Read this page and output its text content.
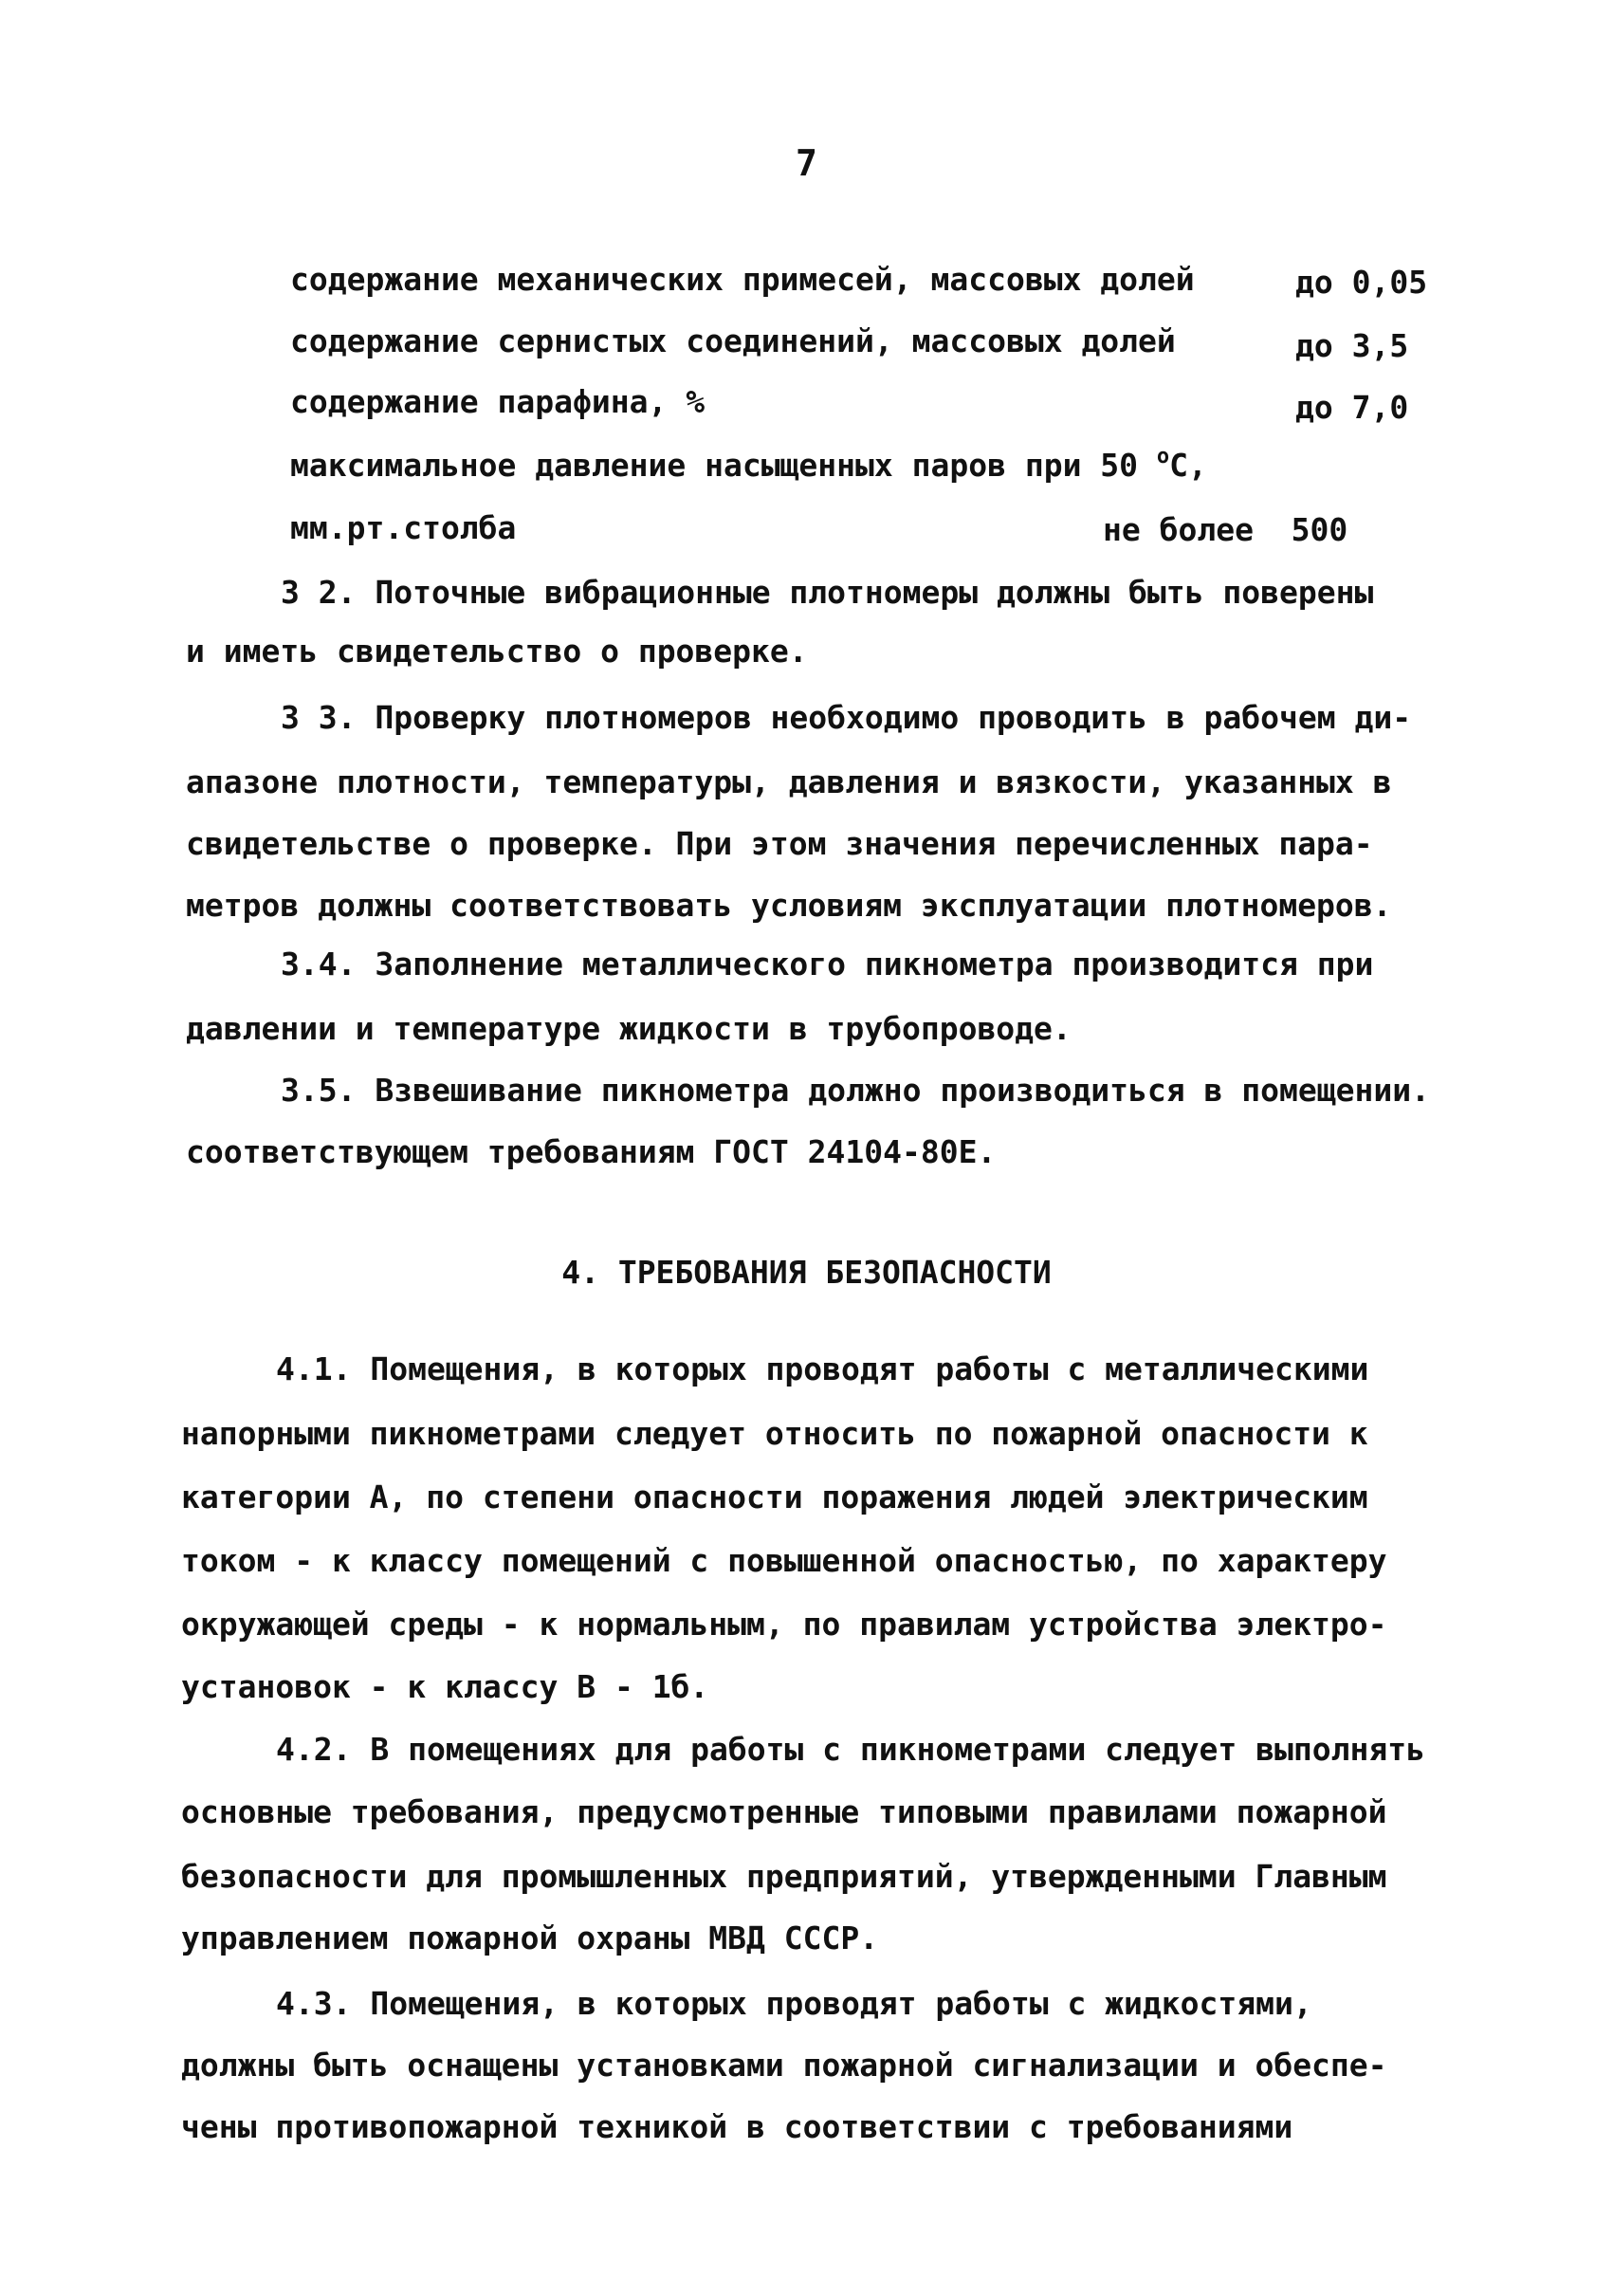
7
содержание механических примесей, массовых долей	до 0,05
содержание сернистых соединений, массовых долей	до 3,5
содержание парафина, %	до 7,0
максимальное давление насыщенных паров при 50 $^о$С,
мм.рт.столба	не более  500
3 2. Поточные вибрационные плотномеры должны быть поверены
и иметь свидетельство о проверке.
3 3. Проверку плотномеров необходимо проводить в рабочем ди-
апазоне плотности, температуры, давления и вязкости, указанных в
свидетельстве о проверке. При этом значения перечисленных пара-
метров должны соответствовать условиям эксплуатации плотномеров.
3.4. Заполнение металлического пикнометра производится при
давлении и температуре жидкости в трубопроводе.
3.5. Взвешивание пикнометра должно производиться в помещении.
соответствующем требованиям ГОСТ 24104-80Е.
4. ТРЕБОВАНИЯ БЕЗОПАСНОСТИ
4.1. Помещения, в которых проводят работы с металлическими
напорными пикнометрами следует относить по пожарной опасности к
категории А, по степени опасности поражения людей электрическим
током - к классу помещений с повышенной опасностью, по характеру
окружающей среды - к нормальным, по правилам устройства электро-
установок - к классу В - 1б.
4.2. В помещениях для работы с пикнометрами следует выполнять
основные требования, предусмотренные типовыми правилами пожарной
безопасности для промышленных предприятий, утвержденными Главным
управлением пожарной охраны МВД СССР.
4.3. Помещения, в которых проводят работы с жидкостями,
должны быть оснащены установками пожарной сигнализации и обеспе-
чены противопожарной техникой в соответствии с требованиями
